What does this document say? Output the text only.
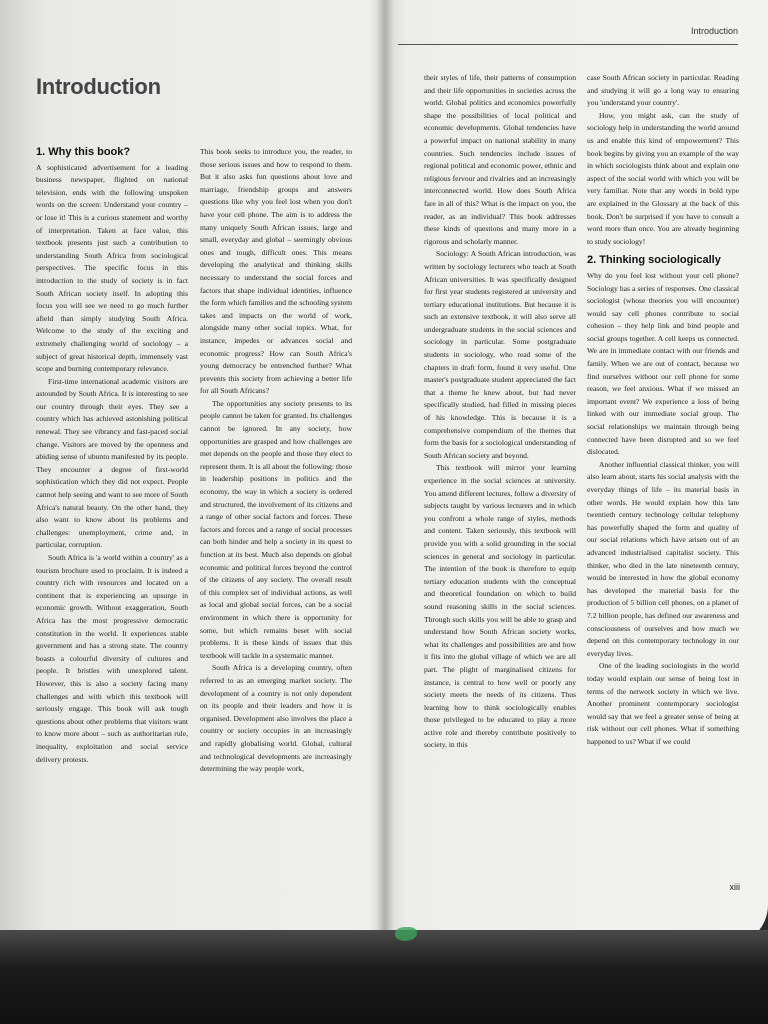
Introduction
Introduction
1. Why this book?

A sophisticated advertisement for a leading business newspaper, flighted on national television, ends with the following unspoken words on the screen: Understand your country – or lose it! This is a curious statement and worthy of interpretation. Taken at face value, this textbook presents just such a contribution to understanding South Africa from sociological perspectives. The specific focus in this introduction to the study of society is in fact South African society itself. In adopting this focus you will see we need to go much further afield than simply studying South Africa. Welcome to the study of the exciting and extremely challenging world of sociology – a subject of great historical depth, immensely vast scope and burning contemporary relevance.

First-time international academic visitors are astounded by South Africa. It is interesting to see our country through their eyes. They see a country which has achieved astonishing political renewal. They see vibrancy and fast-paced social change. Visitors are moved by the openness and abiding sense of ubuntu manifested by its people. They encounter a degree of first-world sophistication which they did not expect. People cannot help seeing and want to see more of South Africa's natural beauty. On the other hand, they also want to know about its problems and challenges: unemployment, crime and, in particular, corruption.

South Africa is 'a world within a country' as a tourism brochure used to proclaim. It is indeed a country rich with resources and located on a continent that is experiencing an upsurge in economic growth. Without exaggeration, South Africa has the most progressive democratic constitution in the world. It experiences stable government and has a strong state. The country boasts a colourful diversity of cultures and people. It bristles with unexplored talent. However, this is also a society facing many challenges and with which this textbook will seriously engage. This book will ask tough questions about other problems that visitors want to know more about – such as authoritarian rule, inequality, exploitation and social service delivery protests.

This book seeks to introduce you, the reader, to those serious issues and how to respond to them. But it also asks fun questions about love and marriage, friendship groups and answers questions like why you feel lost when you don't have your cell phone. The aim is to address the many uniquely South African issues, large and small, everyday and global – seemingly obvious ones and tough, difficult ones. This means developing the analytical and thinking skills necessary to understand the social forces and factors that shape individual identities, influence the form which families and the schooling system takes and impacts on the world of work, alongside many other social topics. What, for instance, impedes or advances social and economic progress? How can South Africa's young democracy be entrenched further? What prevents this society from achieving a better life for all South Africans?

The opportunities any society presents to its people cannot be taken for granted. Its challenges cannot be ignored. In any society, how opportunities are grasped and how challenges are met depends on the people and those they elect to represent them. It is all about the following: those in leadership positions in politics and the economy, the way in which a society is ordered and structured, the involvement of its citizens and a range of other social factors and forces. These factors and forces and a range of social processes can both hinder and help a society in its quest to function at its best. Much also depends on global economic and political forces beyond the control of the citizens of any society. The overall result of this complex set of individual actions, as well as local and global social forces, can be a social environment in which there is opportunity for some, but which remains beset with social problems. It is these kinds of issues that this textbook will tackle in a systematic manner.

South Africa is a developing country, often referred to as an emerging market society. The development of a country is not only dependent on its people and their leaders and how it is organised. Development also involves the place a country or society occupies in an increasingly and rapidly globalising world. Global, cultural and technological developments are increasingly determining the way people work,

their styles of life, their patterns of consumption and their life opportunities in societies across the world. Global politics and economics powerfully shape the possibilities of local political and economic developments. Global tendencies have a powerful impact on national stability in many countries. Such tendencies include issues of regional political and economic power, ethnic and religious fervour and rivalries and an increasingly interconnected world. How does South Africa fare in all of this? What is the impact on you, the reader, as an individual? This book addresses these kinds of questions and many more in a rigorous and scholarly manner.

Sociology: A South African introduction, was written by sociology lecturers who teach at South African universities. It was specifically designed for first year students registered at university and tertiary educational institutions. But because it is such an extensive textbook, it will also serve all undergraduate students in the social sciences and sociology in particular. Some postgraduate students in sociology, who read some of the chapters in draft form, found it very useful. One master's postgraduate student appreciated the fact that a theme he knew about, but had never specifically studied, had filled in missing pieces of his knowledge. This is because it is a comprehensive compendium of the themes that form the basis for a sociological understanding of South African society and beyond.

This textbook will mirror your learning experience in the social sciences at university. You attend different lectures, follow a diversity of subjects taught by various lecturers and in which you confront a whole range of styles, methods and content. Taken seriously, this textbook will provide you with a solid grounding in the social sciences in general and sociology in particular. The intention of the book is therefore to equip tertiary education students with the conceptual and theoretical foundation on which to build sound reasoning skills in the social sciences. Through such skills you will be able to grasp and understand how South African society works, what its challenges and possibilities are and how it fits into the global village of which we are all part. The plight of marginalised citizens for instance, is central to how well or poorly any society meets the needs of its citizens. Thus learning how to think sociologically enables those privileged to be educated to play a more active role and thereby contribute positively to society, in this

case South African society in particular. Reading and studying it will go a long way to ensuring you 'understand your country'.

How, you might ask, can the study of sociology help in understanding the world around us and enable this kind of empowerment? This book begins by giving you an example of the way in which sociologists think about and explain one aspect of the social world with which you will be very familiar. Note that any words in bold type are explained in the Glossary at the back of this book. Don't be surprised if you have to consult a word more than once. You are already beginning to study sociology!

2. Thinking sociologically

Why do you feel lost without your cell phone? Sociology has a series of responses. One classical sociologist (whose theories you will encounter) would say cell phones contribute to social cohesion – they help link and bind people and social groups together. A cell keeps us connected. We are in immediate contact with our friends and family. When we are out of contact, because we find ourselves without our cell phone for some reason, we feel anxious. What if we missed an important event? We experience a loss of being linked with our immediate social group. The social relationships we maintain through being connected have been disrupted and so we feel dislocated.

Another influential classical thinker, you will also learn about, starts his social analysis with the everyday things of life – its material basis in other words. He would explain how this late twentieth century technology cellular telephony has powerfully shaped the form and quality of our social relations which have arisen out of an advanced industrialised capitalist society. This thinker, who died in the late nineteenth century, would be interested in how the global economy has developed the material basis for the production of 5 billion cell phones, on a planet of 7.2 billion people, has defined our awareness and consciousness of ourselves and how much we depend on this contemporary technology in our everyday lives.

One of the leading sociologists in the world today would explain our sense of being lost in terms of the network society in which we live. Another prominent contemporary sociologist would say that we feel a greater sense of being at risk without our cell phones. What if something happened to us? What if we could

xiii
